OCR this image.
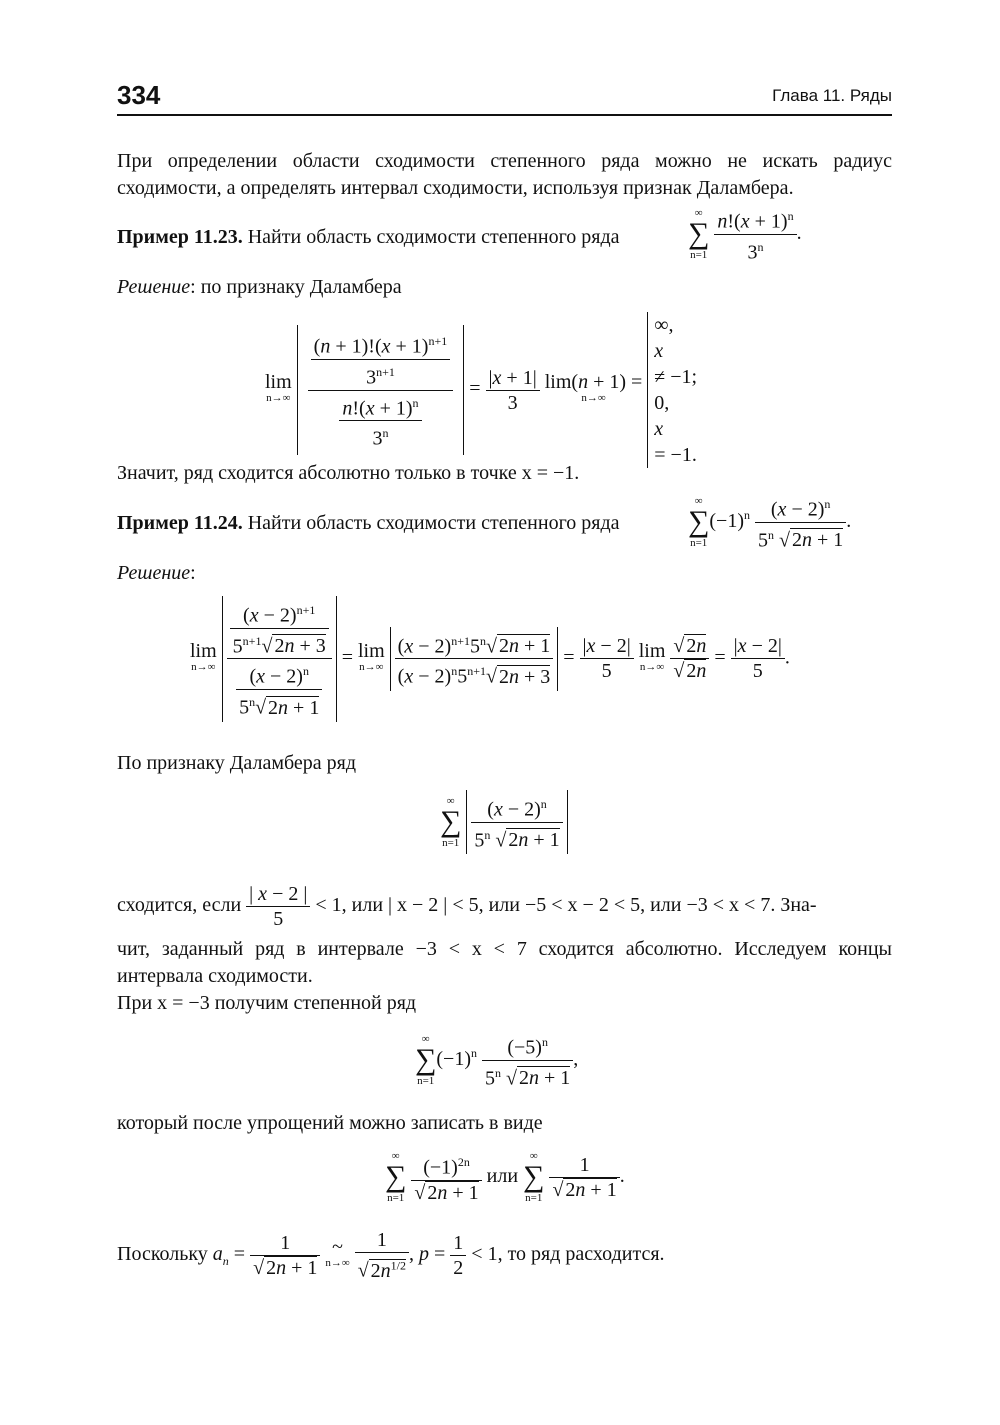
334	Глава 11. Ряды
При определении области сходимости степенного ряда можно не искать радиус сходимости, а определять интервал сходимости, используя признак Даламбера.
Пример 11.23. Найти область сходимости степенного ряда
∞
∑
n=1
$\frac{n!(x + 1)^n}{3^n}$ .
Решение: по признаку Даламбера
lim
n→∞
$\frac{\frac{(n + 1)!(x + 1)^{n+1}}{3^{n+1}}}{\frac{n!(x + 1)^n}{3^n}} = \frac{|x + 1|}{3} \lim(n + 1)$ =
n→∞

∞,
x
≠ −1;
0,
x
= −1.
Значит, ряд сходится абсолютно только в точке x = −1.
Пример 11.24. Найти область сходимости степенного ряда
∞
∑
n=1
$(-1)^n \frac{(x - 2)^n}{5^n √ 2n + 1}$ .
Решение:
lim
n→∞
$\frac{\frac{(x - 2)^{n+1}}{5^{n+1}√ 2n + 3}}{\frac{(x - 2)^n}{5^n√ 2n + 1}} = \lim$
n→∞
$\frac{(x - 2)^{n+1}5^n√ 2n + 1}{(x - 2)^n5^{n+1}√ 2n + 3} = \frac{|x - 2|}{5}$ lim
n→∞
$\frac{√ 2n}{√ 2n} = \frac{|x - 2|}{5}$ .
По признаку Даламбера ряд
∞
∑
n=1
$\frac{(x - 2)^n}{5^n √ 2n + 1}$
сходится, если $\frac{| x - 2 |}{5} < 1$, или | x − 2 | < 5, или −5 < x − 2 < 5, или −3 < x < 7. Зна-
чит, заданный ряд в интервале −3 < x < 7 сходится абсолютно. Исследуем концы интервала сходимости.
При x = −3 получим степенной ряд
∞
∑
n=1
$(-1)^n \frac{(-5)^n}{5^n √ 2n + 1}$ ,
который после упрощений можно записать в виде
∞
∑
n=1
$\frac{(-1)^{2n}}{√ 2n + 1}$ или
∞
∑
n=1
$\frac{1}{√ 2n + 1}$ .
Поскольку $a_n = \frac{1}{√ 2n + 1}$ ~
n→∞
$\frac{1}{√ 2n^{1/2}}$ , $p = \frac{1}{2} < 1$, то ряд расходится.
